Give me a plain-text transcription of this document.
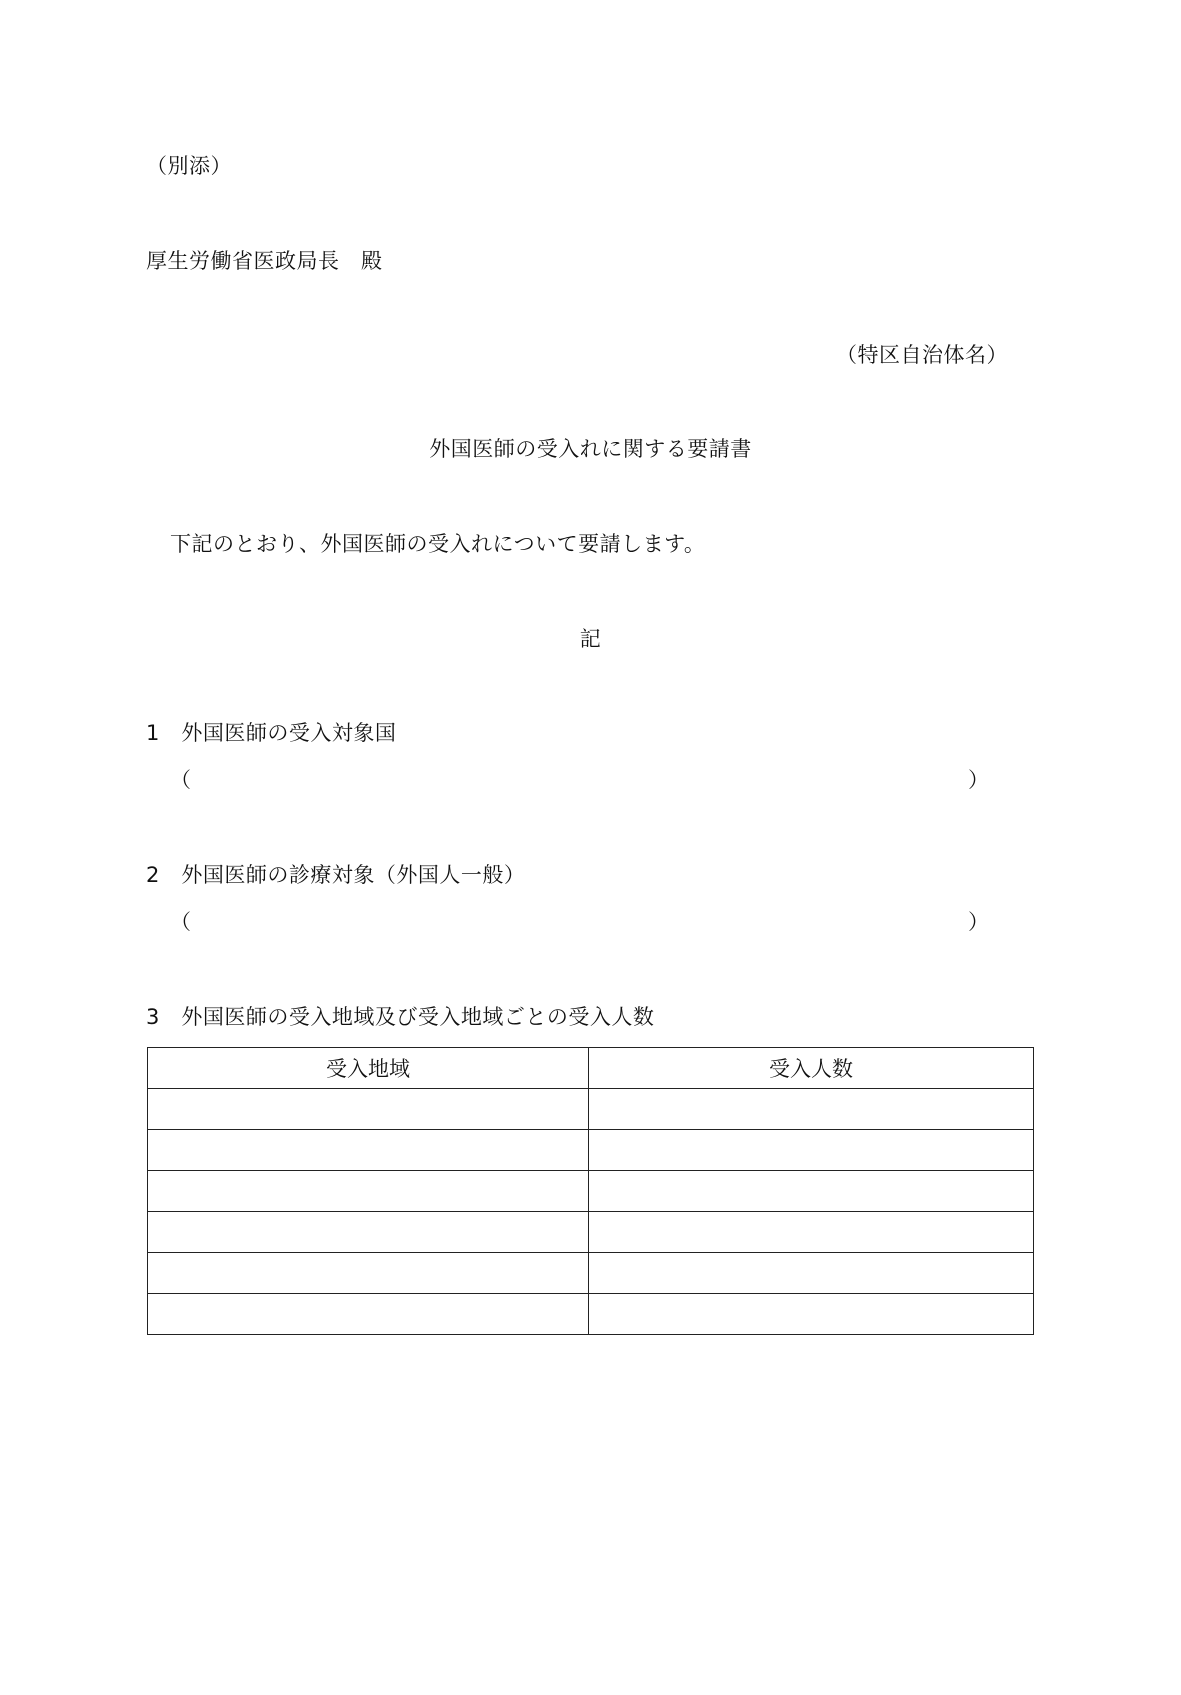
（別添）
厚生労働省医政局長　殿
（特区自治体名）
外国医師の受入れに関する要請書
下記のとおり、外国医師の受入れについて要請します。
記
1　外国医師の受入対象国
（	）
2　外国医師の診療対象（外国人一般）
（	）
3　外国医師の受入地域及び受入地域ごとの受入人数
受入地域	受入人数
